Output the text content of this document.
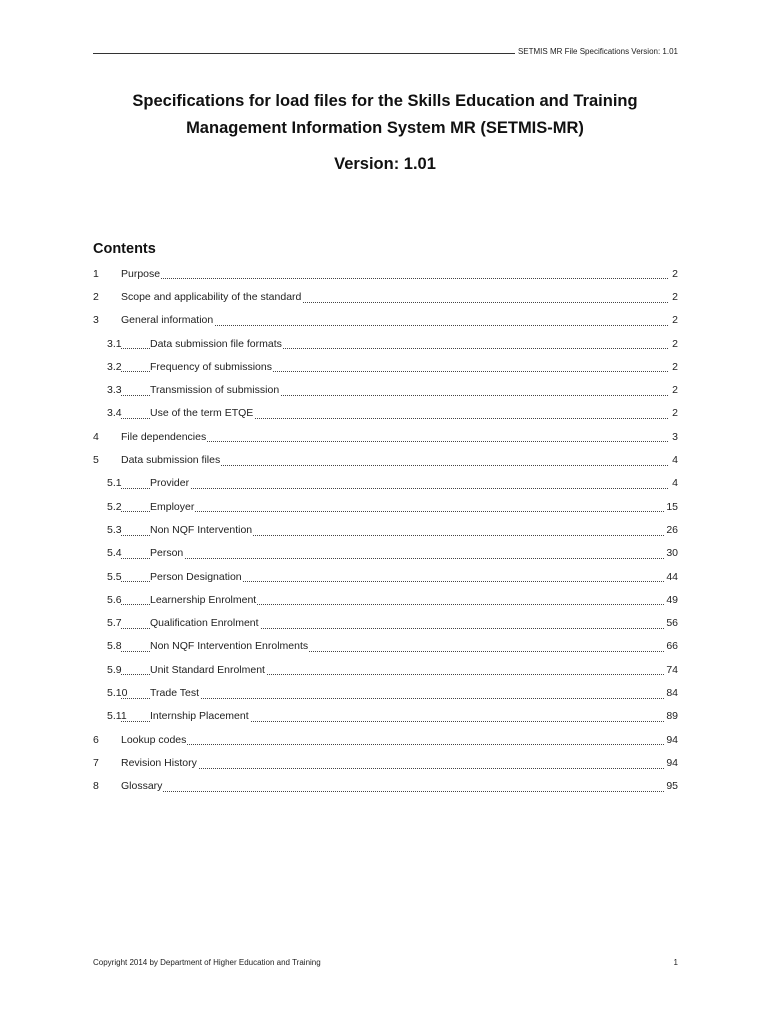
SETMIS MR File Specifications Version: 1.01
Specifications for load files for the Skills Education and Training
Management Information System MR (SETMIS-MR)
Version: 1.01
Contents
1 Purpose	2
2 Scope and applicability of the standard	2
3 General information	2
3.1	Data submission file formats	2
3.2	Frequency of submissions	2
3.3	Transmission of submission	2
3.4	Use of the term ETQE	2
4 File dependencies	3
5 Data submission files	4
5.1	Provider	4
5.2	Employer	15
5.3	Non NQF Intervention	26
5.4	Person	30
5.5	Person Designation	44
5.6	Learnership Enrolment	49
5.7	Qualification Enrolment	56
5.8	Non NQF Intervention Enrolments	66
5.9	Unit Standard Enrolment	74
5.10 Trade Test	84
5.11 Internship Placement	89
6 Lookup codes	94
7 Revision History	94
8 Glossary	95
Copyright 2014 by Department of Higher Education and Training	1
